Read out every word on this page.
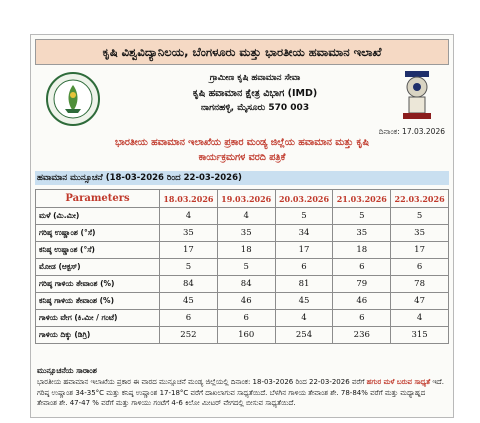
ಕೃಷಿ ವಿಶ್ವವಿದ್ಯಾನಿಲಯ, ಬೆಂಗಳೂರು ಮತ್ತು ಭಾರತೀಯ ಹವಾಮಾನ ಇಲಾಖೆ
ಗ್ರಾಮೀಣ ಕೃಷಿ ಹವಾಮಾನ ಸೇವಾ
ಕೃಷಿ ಹವಾಮಾನ ಕ್ಷೇತ್ರ ವಿಭಾಗ (IMD)
ನಾಗನಹಳ್ಳಿ, ಮೈಸೂರು 570 003
ದಿನಾಂಕ: 17.03.2026
ಭಾರತೀಯ ಹವಾಮಾನ ಇಲಾಖೆಯ ಪ್ರಕಾರ ಮಂಡ್ಯ ಜಿಲ್ಲೆಯ ಹವಾಮಾನ ಮತ್ತು ಕೃಷಿ
ಕಾರ್ಯಕ್ರಮಗಳ ವರದಿ ಪತ್ರಿಕೆ
ಹವಾಮಾನ ಮುನ್ಸೂಚನೆ (18-03-2026 ರಿಂದ 22-03-2026)
Parameters	18.03.2026	19.03.2026	20.03.2026	21.03.2026	22.03.2026
ಮಳೆ (ಮಿ.ಮೀ)	4	4	5	5	5
ಗರಿಷ್ಠ ಉಷ್ಣಾಂಶ (°ಸೆ)	35	35	34	35	35
ಕನಿಷ್ಠ ಉಷ್ಣಾಂಶ (°ಸೆ)	17	18	17	18	17
ಮೋಡ (ಆಕ್ಟಸ್)	5	5	6	6	6
ಗರಿಷ್ಠ ಗಾಳಿಯ ತೇವಾಂಶ (%)	84	84	81	79	78
ಕನಿಷ್ಠ ಗಾಳಿಯ ತೇವಾಂಶ (%)	45	46	45	46	47
ಗಾಳಿಯ ವೇಗ (ಕಿ.ಮೀ / ಗಂಟೆ)	6	6	4	6	4
ಗಾಳಿಯ ದಿಕ್ಕು (ಡಿಗ್ರಿ)	252	160	254	236	315
ಮುನ್ಸೂಚನೆಯ ಸಾರಾಂಶ
ಭಾರತೀಯ ಹವಾಮಾನ ಇಲಾಖೆಯ ಪ್ರಕಾರ ಈ ವಾರದ ಮುನ್ಸೂಚನೆ ಮಂಡ್ಯ ಜಿಲ್ಲೆಯಲ್ಲಿ ದಿನಾಂಕ: 18-03-2026 ರಿಂದ 22-03-2026 ವರೆಗೆ ಹಗುರ ಮಳೆ ಬರುವ ಸಾಧ್ಯತೆ ಇದೆ. ಗರಿಷ್ಠ ಉಷ್ಣಾಂಶ 34-35°C ಮತ್ತು ಕನಿಷ್ಠ ಉಷ್ಣಾಂಶ 17-18°C ವರೆಗೆ ದಾಖಲಾಗುವ ಸಾಧ್ಯತೆಯಿದೆ. ಬೆಳಗಿನ ಗಾಳಿಯ ತೇವಾಂಶ ಶೇ. 78-84% ವರೆಗೆ ಮತ್ತು ಮಧ್ಯಾಹ್ನದ ತೇವಾಂಶ ಶೇ. 47-47 % ವರೆಗೆ ಮತ್ತು ಗಾಳಿಯು ಗಂಟೆಗೆ 4-6 ಕಿಲೋ ಮೀಟರ್ ವೇಗದಲ್ಲಿ ಬೀಸುವ ಸಾಧ್ಯತೆಯಿದೆ.
